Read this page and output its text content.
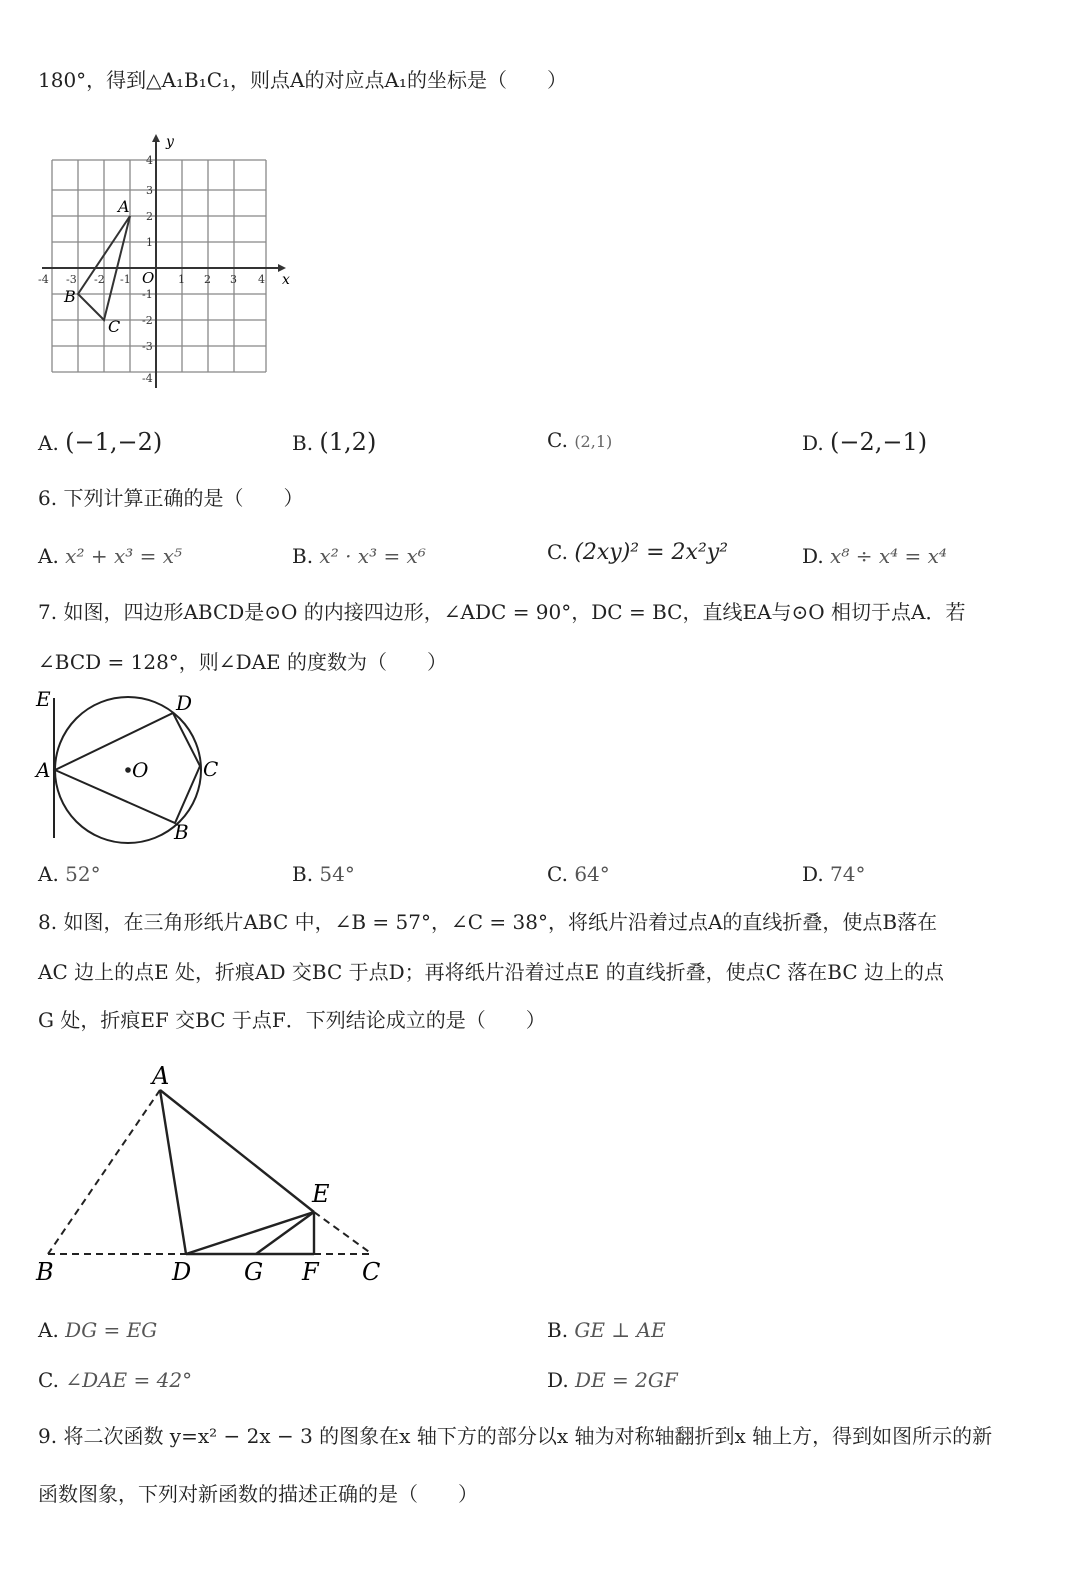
180°，得到△A₁B₁C₁，则点A的对应点A₁的坐标是（　　）
y
x
O
-4 -3 -2 -1	1 2 3 4
4
3
2
1
-1
-2
-3
-4
A
B
C
A. (−1,−2)	B. (1,2)	C. (2,1)	D. (−2,−1)
6. 下列计算正确的是（　　）
A. x² + x³ = x⁵	B. x² · x³ = x⁶	C. (2xy)² = 2x²y²	D. x⁸ ÷ x⁴ = x⁴
7. 如图，四边形ABCD是⊙O 的内接四边形，∠ADC = 90°，DC = BC，直线EA与⊙O 相切于点A．若
∠BCD = 128°，则∠DAE 的度数为（　　）
E
A
D
C
B
O
A. 52°	B. 54°	C. 64°	D. 74°
8. 如图，在三角形纸片ABC 中，∠B = 57°，∠C = 38°，将纸片沿着过点A的直线折叠，使点B落在
AC 边上的点E 处，折痕AD 交BC 于点D；再将纸片沿着过点E 的直线折叠，使点C 落在BC 边上的点
G 处，折痕EF 交BC 于点F．下列结论成立的是（　　）
A
E
B	D G F C
A. DG = EG	B. GE ⊥ AE
C. ∠DAE = 42°	D. DE = 2GF
9. 将二次函数 y=x² − 2x − 3 的图象在x 轴下方的部分以x 轴为对称轴翻折到x 轴上方，得到如图所示的新
函数图象，下列对新函数的描述正确的是（　　）
